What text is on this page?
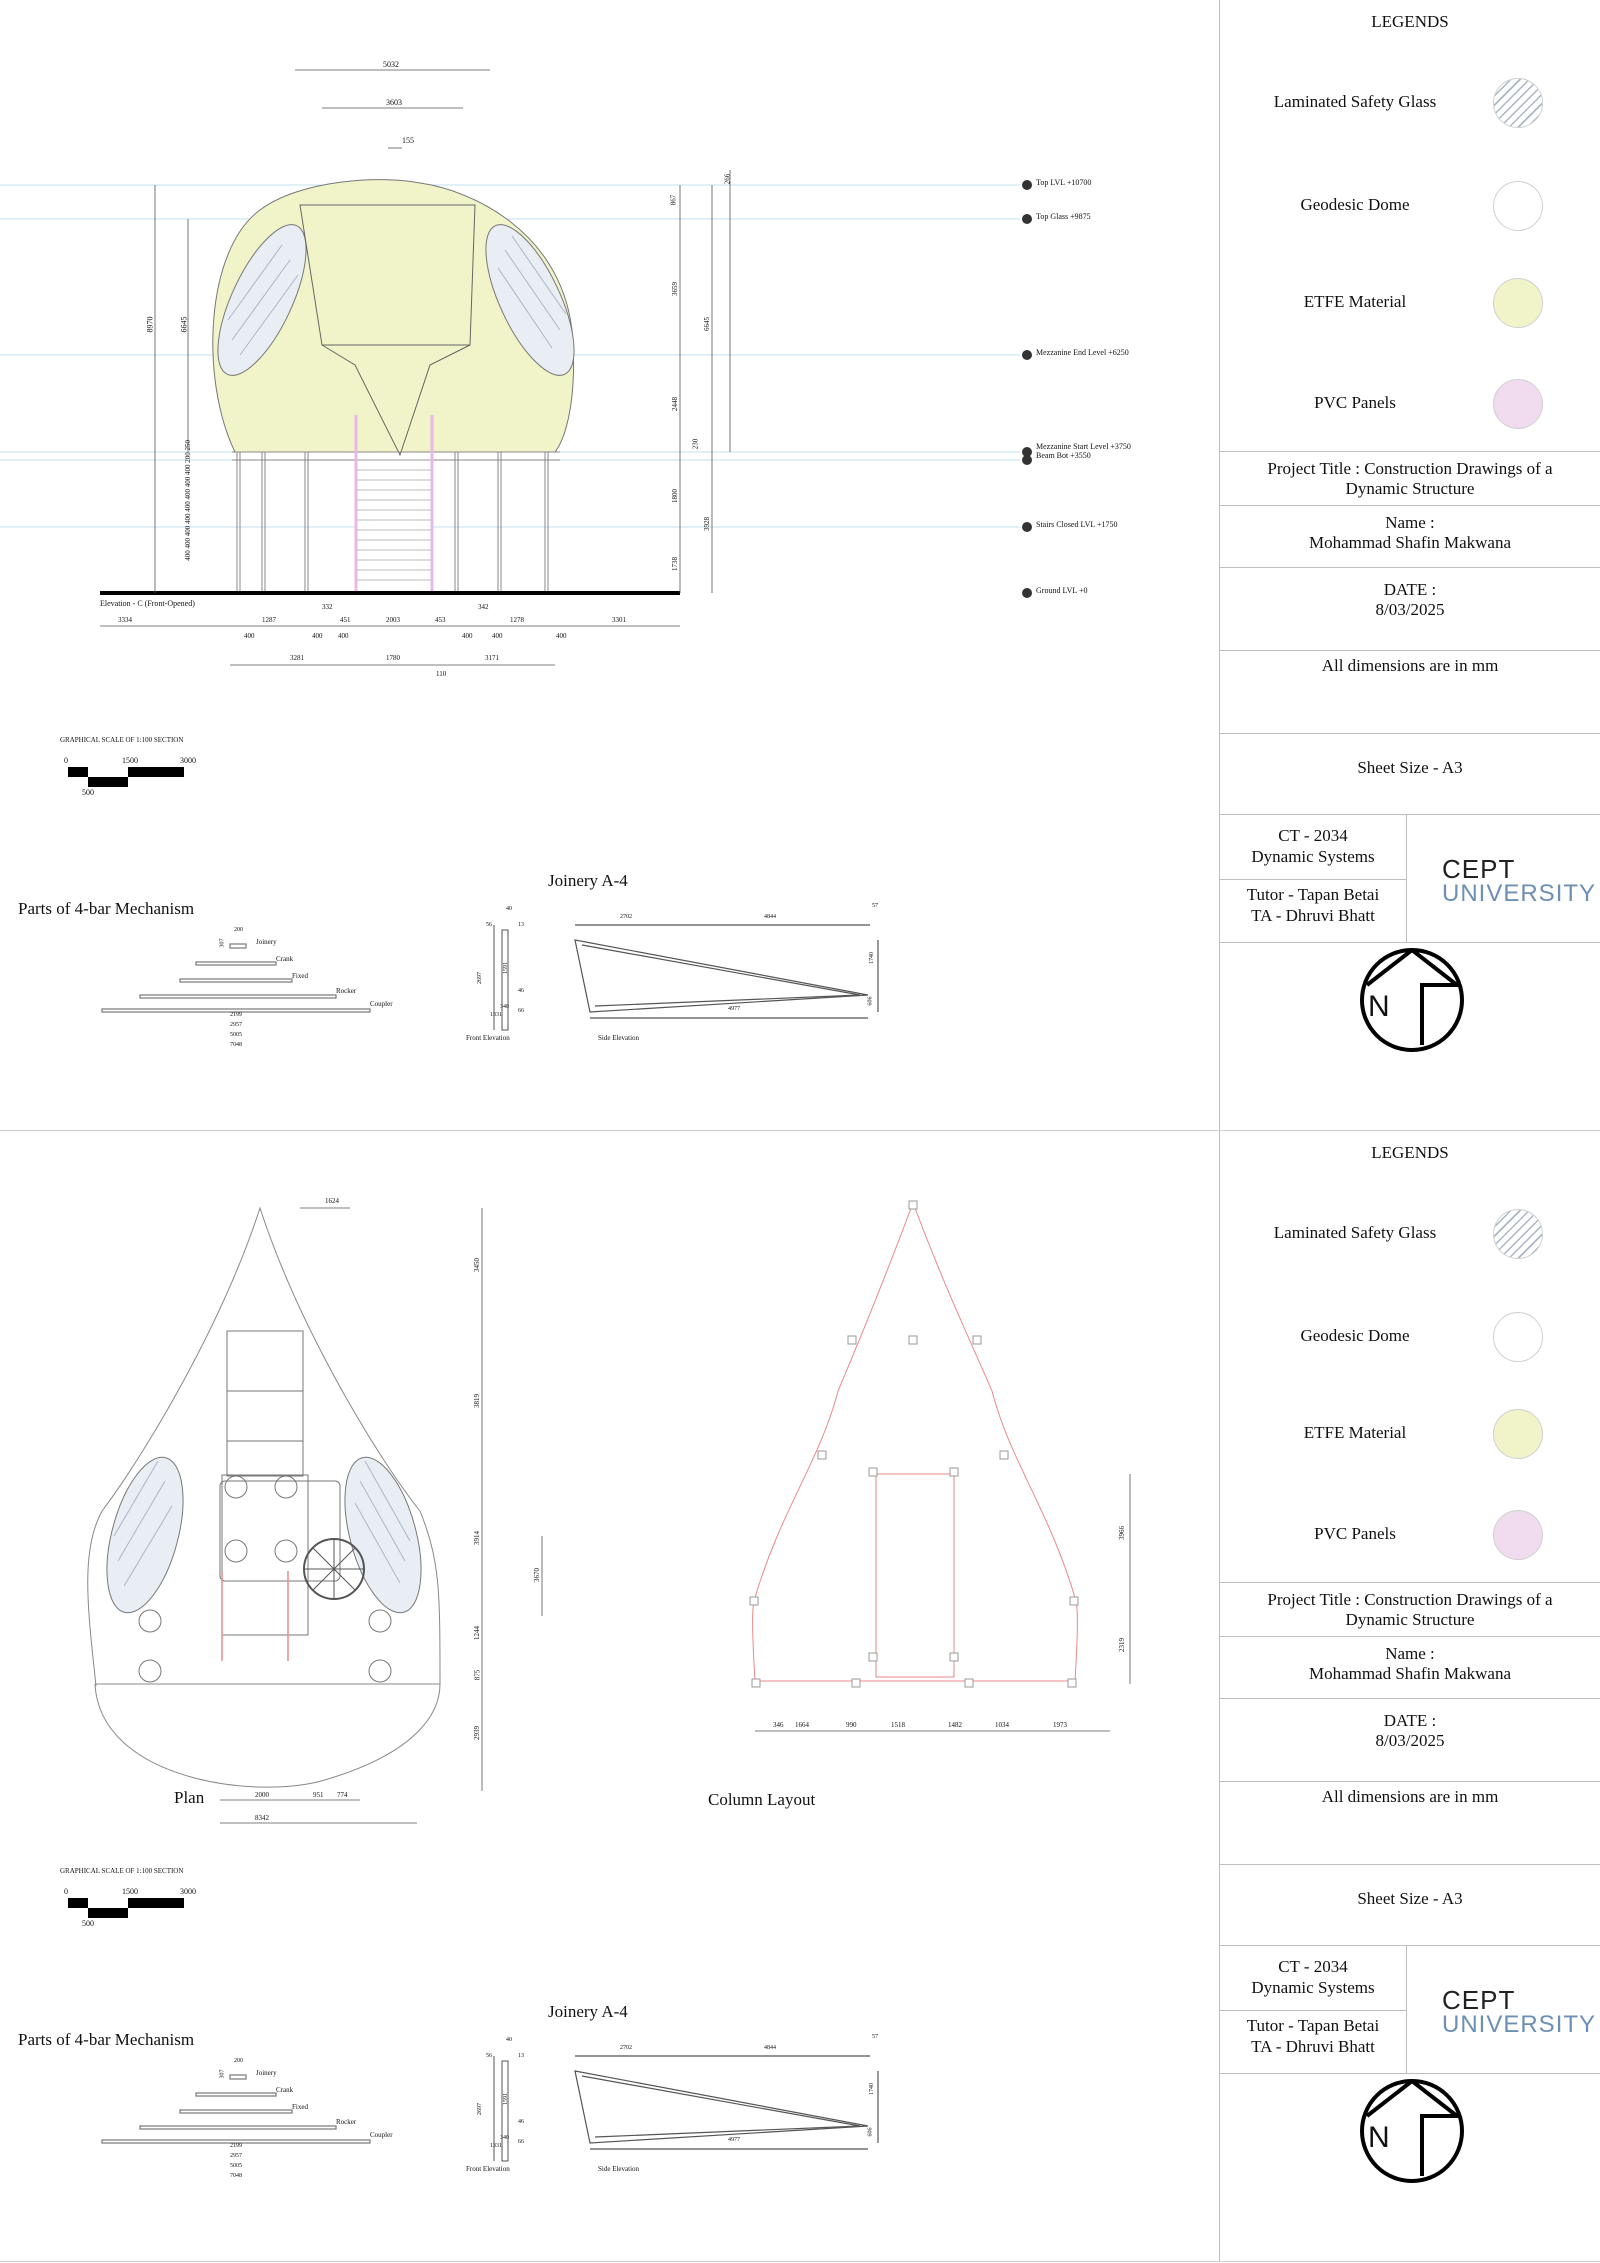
5032
3603
155
Top LVL +10700
Top Glass +9875
Mezzanine End Level +6250
Mezzanine Start Level +3750
Beam Bot +3550
Stairs Closed LVL +1750
Ground LVL +0
8970	6645
867
3659
2448
230
1800
1738
3928
6645
266
400 400 400 400 400 400 400 400 200 250
Elevation - C (Front-Opened)
3334	1287
332
451	2003	453
342
1278	3301
400	400 400	400	400	400
3281	1780	3171
110
GRAPHICAL SCALE OF 1:100 SECTION
0	1500	3000
500
Parts of 4-bar Mechanism
Joinery
Crank
Fixed
Rocker
Coupler
200
307
2199
2957
5005
7048
Joinery A-4
Front Elevation	Side Elevation
56
40
13
1591
340
46
66
2697
1331
2702	4844
57
1740
4977
606
LEGENDS
Laminated Safety Glass
Geodesic Dome
ETFE Material
PVC Panels
Project Title : Construction Drawings of a
Dynamic Structure
Name :
Mohammad Shafin Makwana
DATE :
8/03/2025
All dimensions are in mm
Sheet Size - A3
CT - 2034
Dynamic Systems
Tutor - Tapan Betai
TA - Dhruvi Bhatt
CEPT
UNIVERSITY
N
1624
3450
3819
3914
1244
875
2939
3670
2000	951 774
8342
Plan	Column Layout
346 1664	990	1518	1482	1034	1973
3966
2319
GRAPHICAL SCALE OF 1:100 SECTION
0	1500	3000
500
Parts of 4-bar Mechanism
Joinery
Crank
Fixed
Rocker
Coupler
200
307
2199
2957
5005
7048
Joinery A-4
Front Elevation	Side Elevation
56
40
13
1591
340
46
66
2697
1331
2702	4844
57
1740
4977
606
LEGENDS
Laminated Safety Glass
Geodesic Dome
ETFE Material
PVC Panels
Project Title : Construction Drawings of a
Dynamic Structure
Name :
Mohammad Shafin Makwana
DATE :
8/03/2025
All dimensions are in mm
Sheet Size - A3
CT - 2034
Dynamic Systems
Tutor - Tapan Betai
TA - Dhruvi Bhatt
CEPT
UNIVERSITY
N
